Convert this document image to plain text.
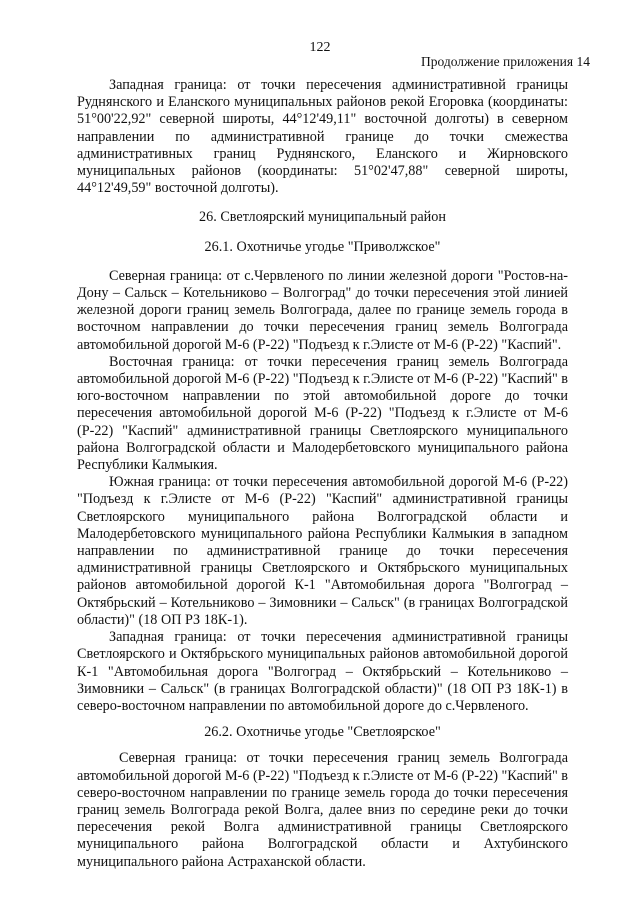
122
Продолжение приложения 14

Западная граница: от точки пересечения административной границы Руднянского и Еланского муниципальных районов рекой Егоровка (координаты: 51°00'22,92" северной широты, 44°12'49,11" восточной долготы) в северном направлении по административной границе до точки смежества административных границ Руднянского, Еланского и Жирновского муниципальных районов (координаты: 51°02'47,88" северной широты, 44°12'49,59" восточной долготы).

26. Светлоярский муниципальный район

26.1. Охотничье угодье "Приволжское"

Северная граница: от с.Червленого по линии железной дороги "Ростов-на-Дону – Сальск – Котельниково – Волгоград" до точки пересечения этой линией железной дороги границ земель Волгограда, далее по границе земель города в восточном направлении до точки пересечения границ земель Волгограда автомобильной дорогой М-6 (Р-22) "Подъезд к г.Элисте от М-6 (Р-22) "Каспий".

Восточная граница: от точки пересечения границ земель Волгограда автомобильной дорогой М-6 (Р-22) "Подъезд к г.Элисте от М-6 (Р-22) "Каспий" в юго-восточном направлении по этой автомобильной дороге до точки пересечения автомобильной дорогой М-6 (Р-22) "Подъезд к г.Элисте от М-6 (Р-22) "Каспий" административной границы Светлоярского муниципального района Волгоградской области и Малодербетовского муниципального района Республики Калмыкия.

Южная граница: от точки пересечения автомобильной дорогой М-6 (Р-22) "Подъезд к г.Элисте от М-6 (Р-22) "Каспий" административной границы Светлоярского муниципального района Волгоградской области и Малодербетовского муниципального района Республики Калмыкия в западном направлении по административной границе до точки пересечения административной границы Светлоярского и Октябрьского муниципальных районов автомобильной дорогой К-1 "Автомобильная дорога "Волгоград – Октябрьский – Котельниково – Зимовники – Сальск" (в границах Волгоградской области)" (18 ОП РЗ 18К-1).

Западная граница: от точки пересечения административной границы Светлоярского и Октябрьского муниципальных районов автомобильной дорогой К-1 "Автомобильная дорога "Волгоград – Октябрьский – Котельниково – Зимовники – Сальск" (в границах Волгоградской области)" (18 ОП РЗ 18К-1) в северо-восточном направлении по автомобильной дороге до с.Червленого.

26.2. Охотничье угодье "Светлоярское"

Северная граница: от точки пересечения границ земель Волгограда автомобильной дорогой М-6 (Р-22) "Подъезд к г.Элисте от М-6 (Р-22) "Каспий" в северо-восточном направлении по границе земель города до точки пересечения границ земель Волгограда рекой Волга, далее вниз по середине реки до точки пересечения рекой Волга административной границы Светлоярского муниципального района Волгоградской области и Ахтубинского муниципального района Астраханской области.
